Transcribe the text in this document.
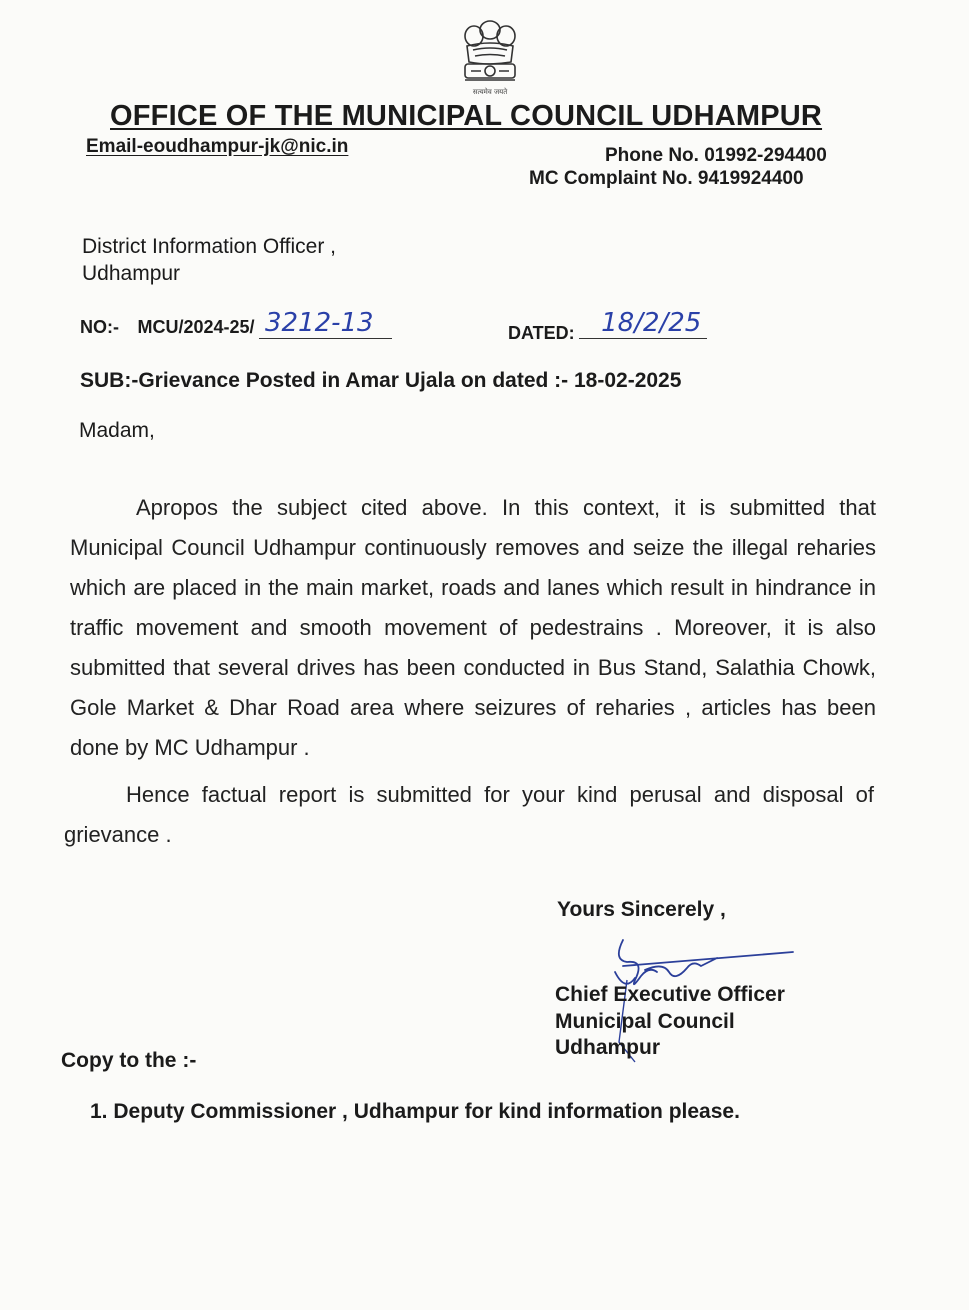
सत्यमेव जयते
OFFICE OF THE MUNICIPAL COUNCIL UDHAMPUR
Email-eoudhampur-jk@nic.in	Phone No. 01992-294400
MC Complaint No. 9419924400
District Information Officer ,
Udhampur
NO:- MCU/2024-25/ 3212-13	DATED: 18/2/25
SUB:-Grievance Posted in Amar Ujala on dated :- 18-02-2025
Madam,
Apropos the subject cited above. In this context, it is submitted that Municipal Council Udhampur continuously removes and seize the illegal reharies which are placed in the main market, roads and lanes which result in hindrance in traffic movement and smooth movement of pedestrains . Moreover, it is also submitted that several drives has been conducted in Bus Stand, Salathia Chowk, Gole Market & Dhar Road area where seizures of reharies , articles has been done by MC Udhampur .
Hence factual report is submitted for your kind perusal and disposal of grievance .
Yours Sincerely ,
Chief Executive Officer
Municipal Council
Udhampur
Copy to the :-
1. Deputy Commissioner , Udhampur for kind information please.
